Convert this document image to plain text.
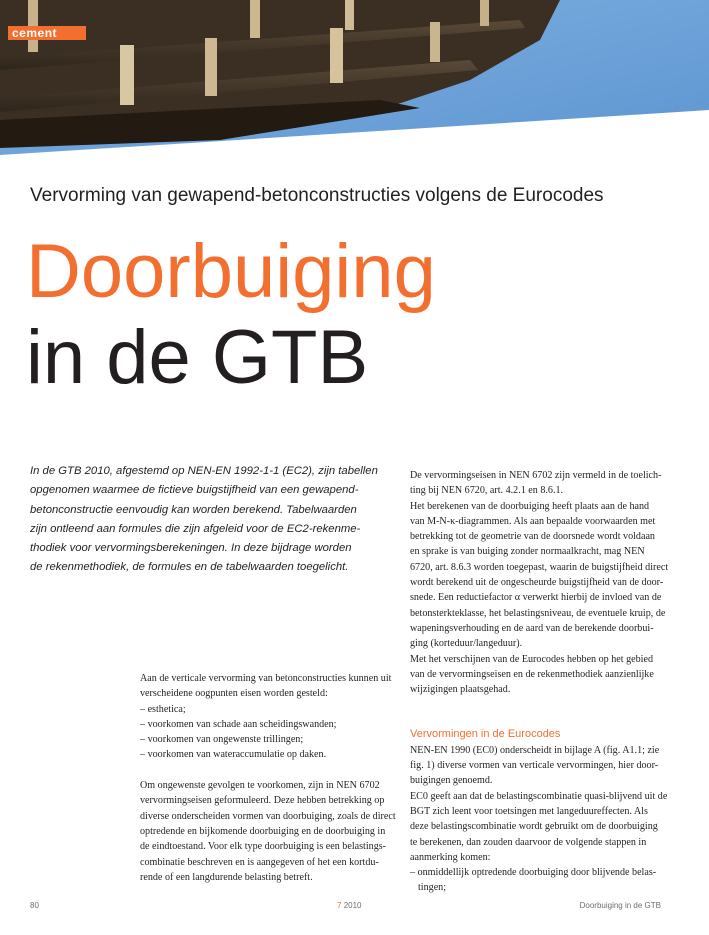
cement
Vervorming van gewapend-betonconstructies volgens de Eurocodes
Doorbuiging
in de GTB
In de GTB 2010, afgestemd op NEN-EN 1992-1-1 (EC2), zijn tabellen
opgenomen waarmee de fictieve buigstijfheid van een gewapend-
betonconstructie eenvoudig kan worden berekend. Tabelwaarden
zijn ontleend aan formules die zijn afgeleid voor de EC2-rekenme-
thodiek voor vervormingsberekeningen. In deze bijdrage worden
de rekenmethodiek, de formules en de tabelwaarden toegelicht.
Aan de verticale vervorming van betonconstructies kunnen uit
verscheidene oogpunten eisen worden gesteld:
– esthetica;
– voorkomen van schade aan scheidingswanden;
– voorkomen van ongewenste trillingen;
– voorkomen van wateraccumulatie op daken.
Om ongewenste gevolgen te voorkomen, zijn in NEN 6702
vervormingseisen geformuleerd. Deze hebben betrekking op
diverse onderscheiden vormen van doorbuiging, zoals de direct
optredende en bijkomende doorbuiging en de doorbuiging in
de eindtoestand. Voor elk type doorbuiging is een belastings-
combinatie beschreven en is aangegeven of het een kortdu-
rende of een langdurende belasting betreft.
De vervormingseisen in NEN 6702 zijn vermeld in de toelich-
ting bij NEN 6720, art. 4.2.1 en 8.6.1.
Het berekenen van de doorbuiging heeft plaats aan de hand
van M-N-κ-diagrammen. Als aan bepaalde voorwaarden met
betrekking tot de geometrie van de doorsnede wordt voldaan
en sprake is van buiging zonder normaalkracht, mag NEN
6720, art. 8.6.3 worden toegepast, waarin de buigstijfheid direct
wordt berekend uit de ongescheurde buigstijfheid van de door-
snede. Een reductiefactor α verwerkt hierbij de invloed van de
betonsterkteklasse, het belastingsniveau, de eventuele kruip, de
wapeningsverhouding en de aard van de berekende doorbui-
ging (korteduur/langeduur).
Met het verschijnen van de Eurocodes hebben op het gebied
van de vervormingseisen en de rekenmethodiek aanzienlijke
wijzigingen plaatsgehad.
Vervormingen in de Eurocodes
NEN-EN 1990 (EC0) onderscheidt in bijlage A (fig. A1.1; zie
fig. 1) diverse vormen van verticale vervormingen, hier door-
buigingen genoemd.
EC0 geeft aan dat de belastingscombinatie quasi-blijvend uit de
BGT zich leent voor toetsingen met langeduureffecten. Als
deze belastingscombinatie wordt gebruikt om de doorbuiging
te berekenen, dan zouden daarvoor de volgende stappen in
aanmerking komen:
– onmiddellijk optredende doorbuiging door blijvende belas-
tingen;
80	7 2010	Doorbuiging in de GTB
